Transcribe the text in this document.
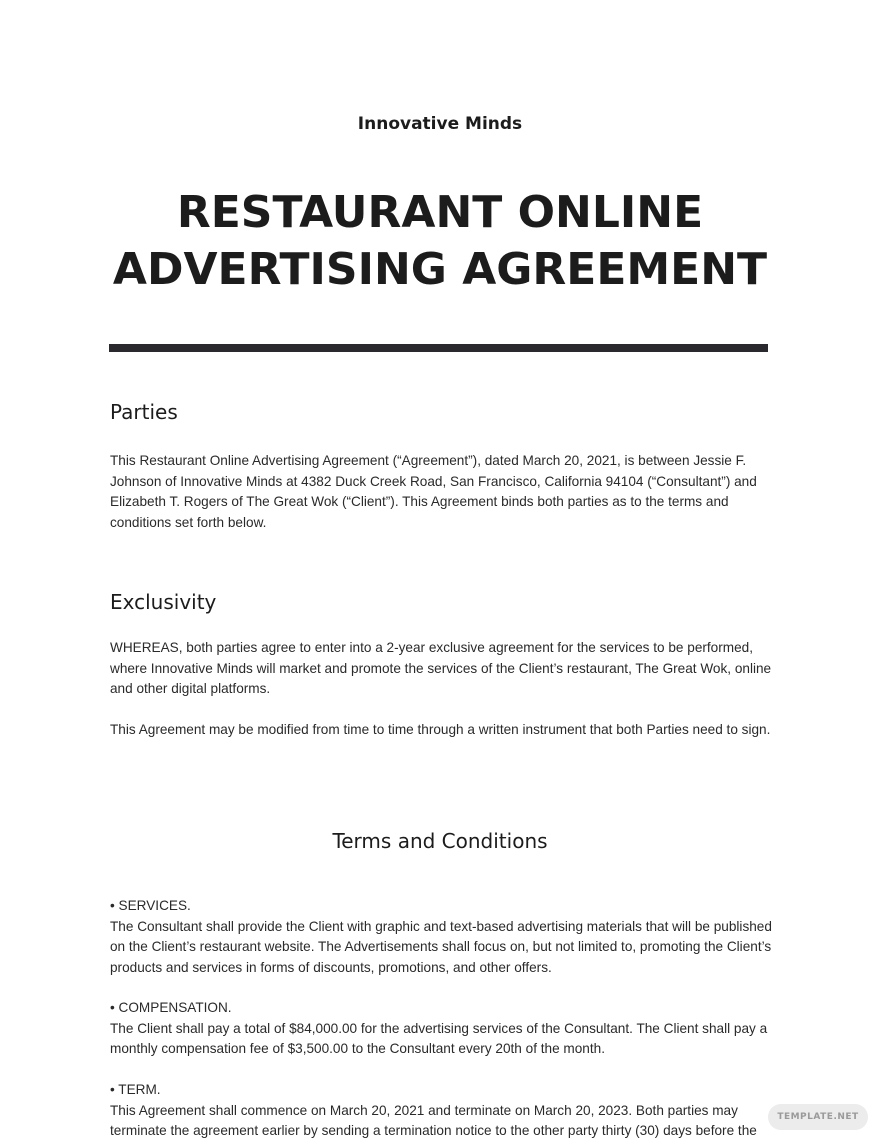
Innovative Minds
RESTAURANT ONLINE
ADVERTISING AGREEMENT
Parties

This Restaurant Online Advertising Agreement (“Agreement”), dated March 20, 2021, is between Jessie F. Johnson of Innovative Minds at 4382 Duck Creek Road, San Francisco, California 94104 (“Consultant”) and Elizabeth T. Rogers of The Great Wok (“Client”). This Agreement binds both parties as to the terms and conditions set forth below.

Exclusivity

WHEREAS, both parties agree to enter into a 2-year exclusive agreement for the services to be performed, where Innovative Minds will market and promote the services of the Client’s restaurant, The Great Wok, online and other digital platforms.

This Agreement may be modified from time to time through a written instrument that both Parties need to sign.

Terms and Conditions
• SERVICES.
The Consultant shall provide the Client with graphic and text-based advertising materials that will be published on the Client’s restaurant website. The Advertisements shall focus on, but not limited to, promoting the Client’s products and services in forms of discounts, promotions, and other offers.
• COMPENSATION.
The Client shall pay a total of $84,000.00 for the advertising services of the Consultant. The Client shall pay a monthly compensation fee of $3,500.00 to the Consultant every 20th of the month.
• TERM.
This Agreement shall commence on March 20, 2021 and terminate on March 20, 2023. Both parties may terminate the agreement earlier by sending a termination notice to the other party thirty (30) days before the
TEMPLATE.NET
